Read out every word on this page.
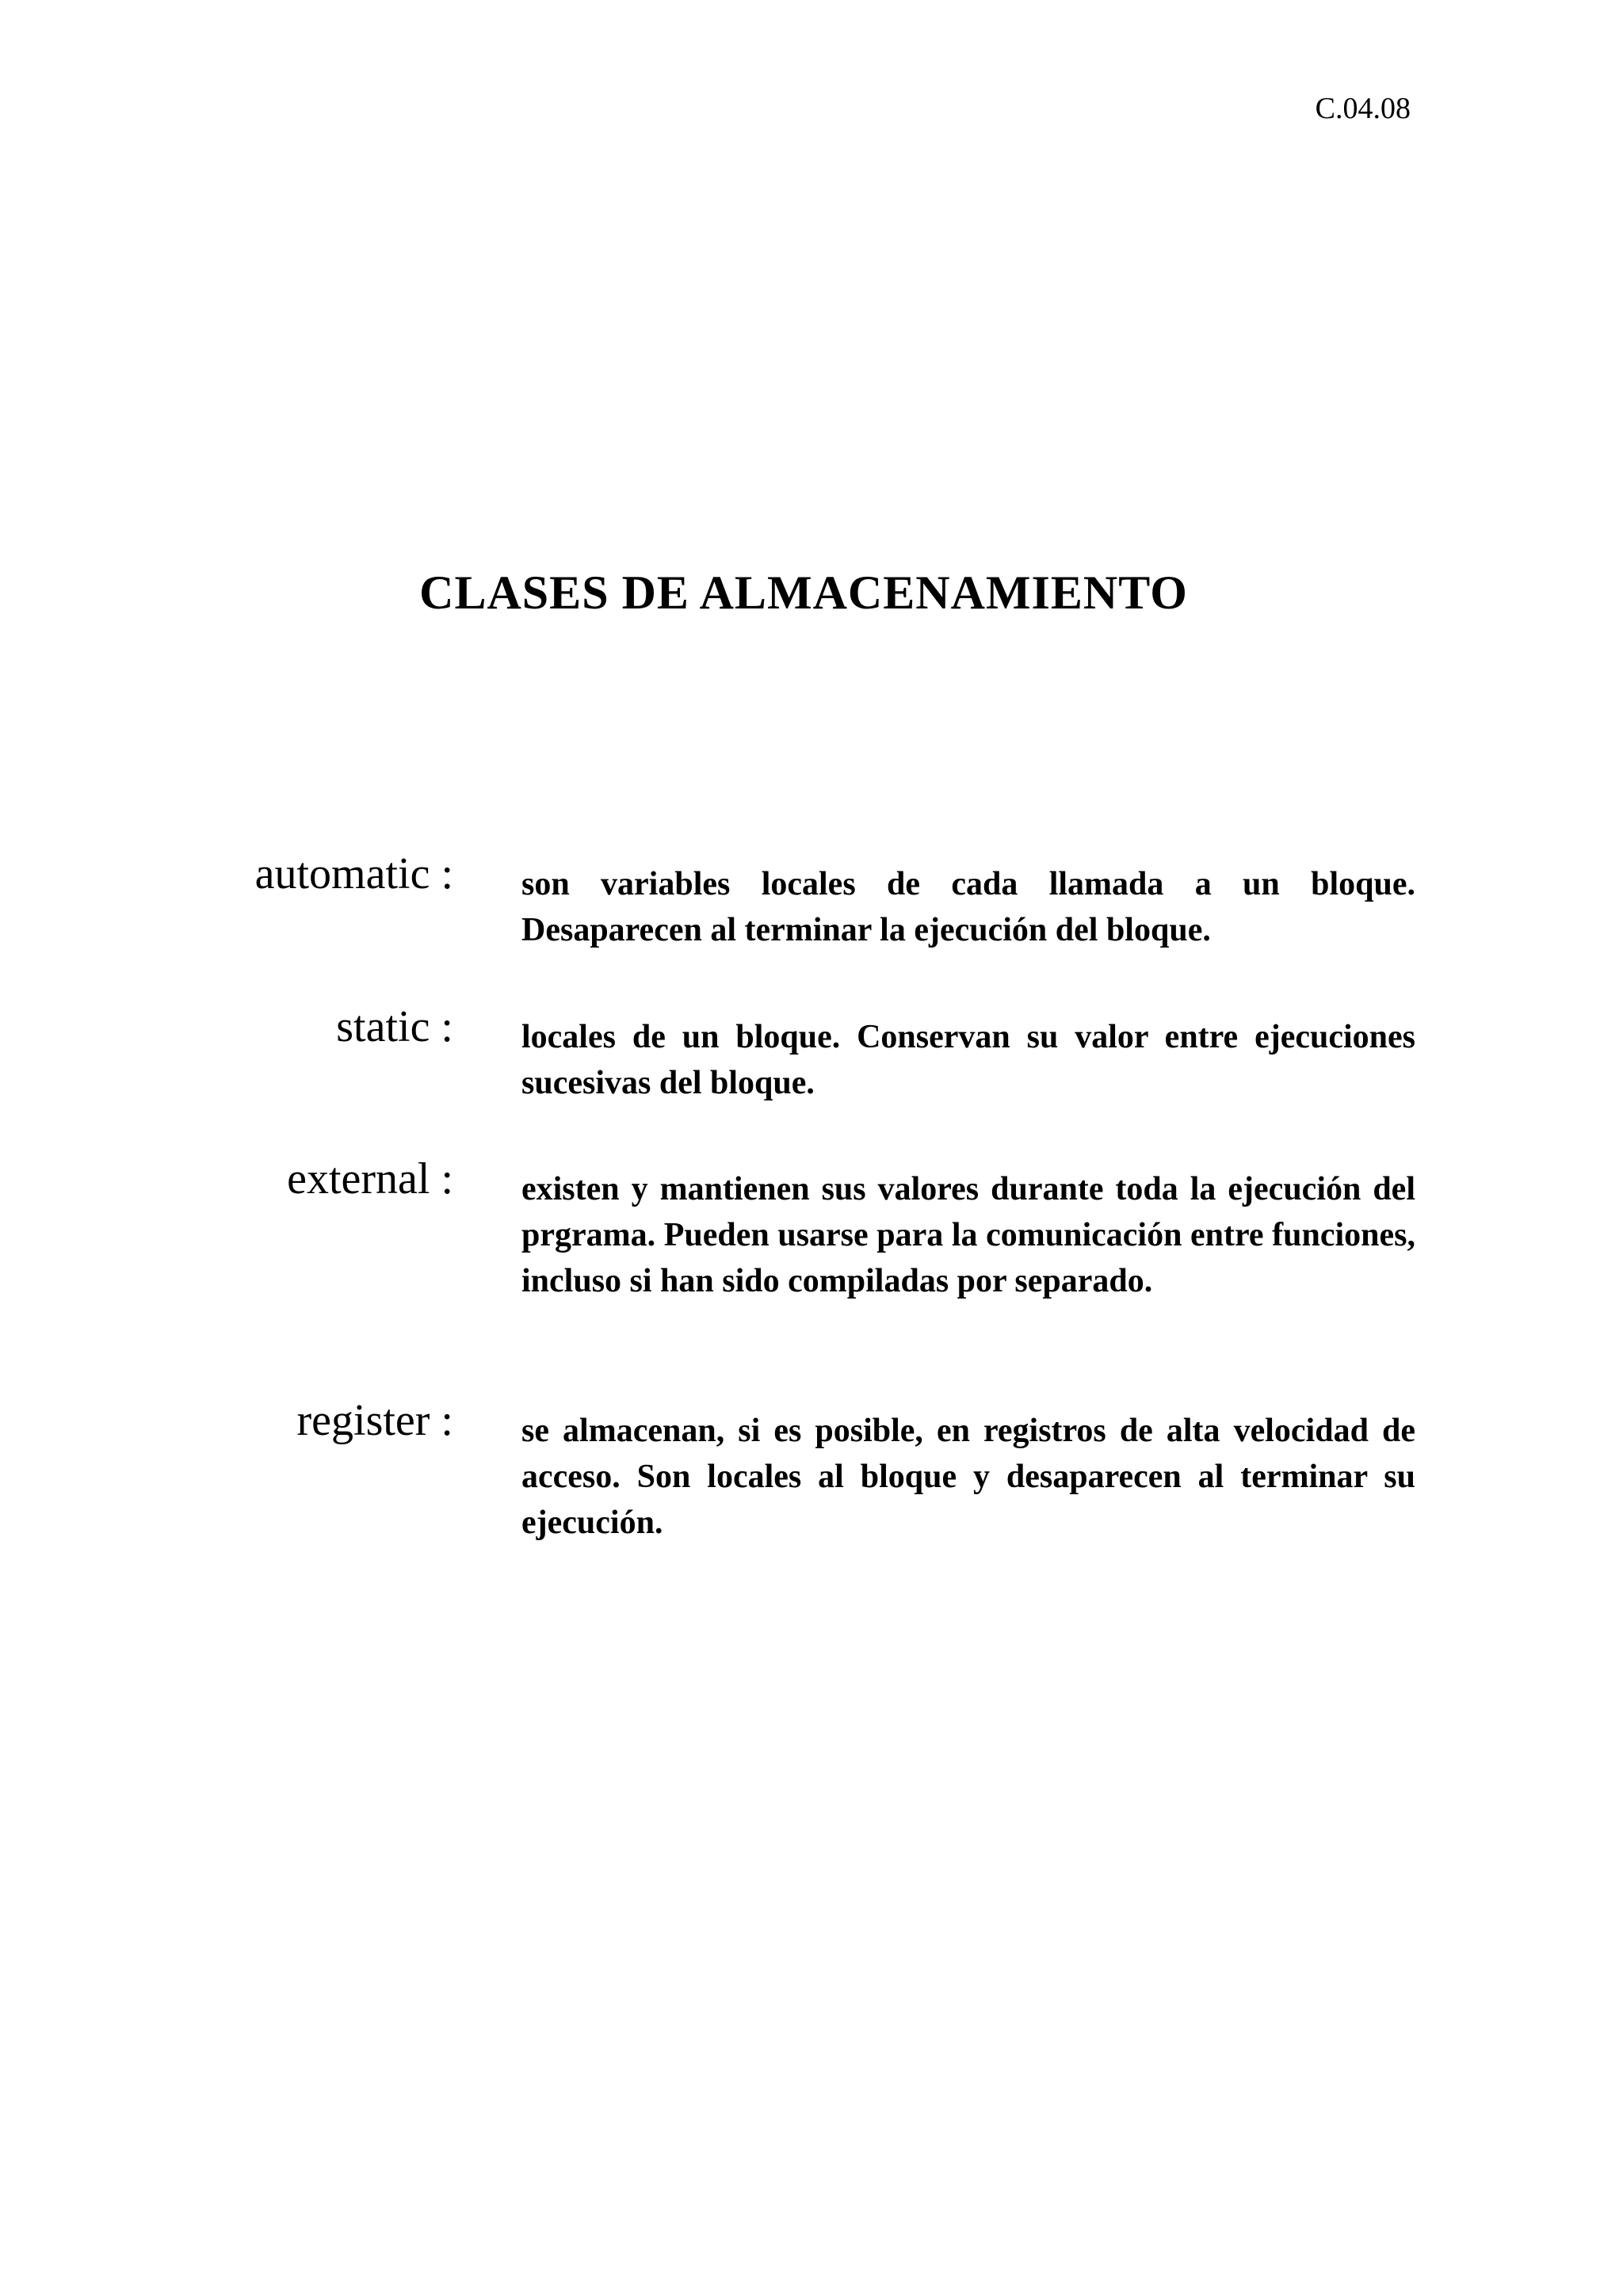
C.04.08
CLASES DE ALMACENAMIENTO
automatic : son variables locales de cada llamada a un bloque. Desaparecen al terminar la ejecución del bloque.
static : locales de un bloque. Conservan su valor entre ejecuciones sucesivas del bloque.
external : existen y mantienen sus valores durante toda la ejecución del prgrama. Pueden usarse para la comunicación entre funciones, incluso si han sido compiladas por separado.
register : se almacenan, si es posible, en registros de alta velocidad de acceso. Son locales al bloque y desaparecen al terminar su ejecución.
